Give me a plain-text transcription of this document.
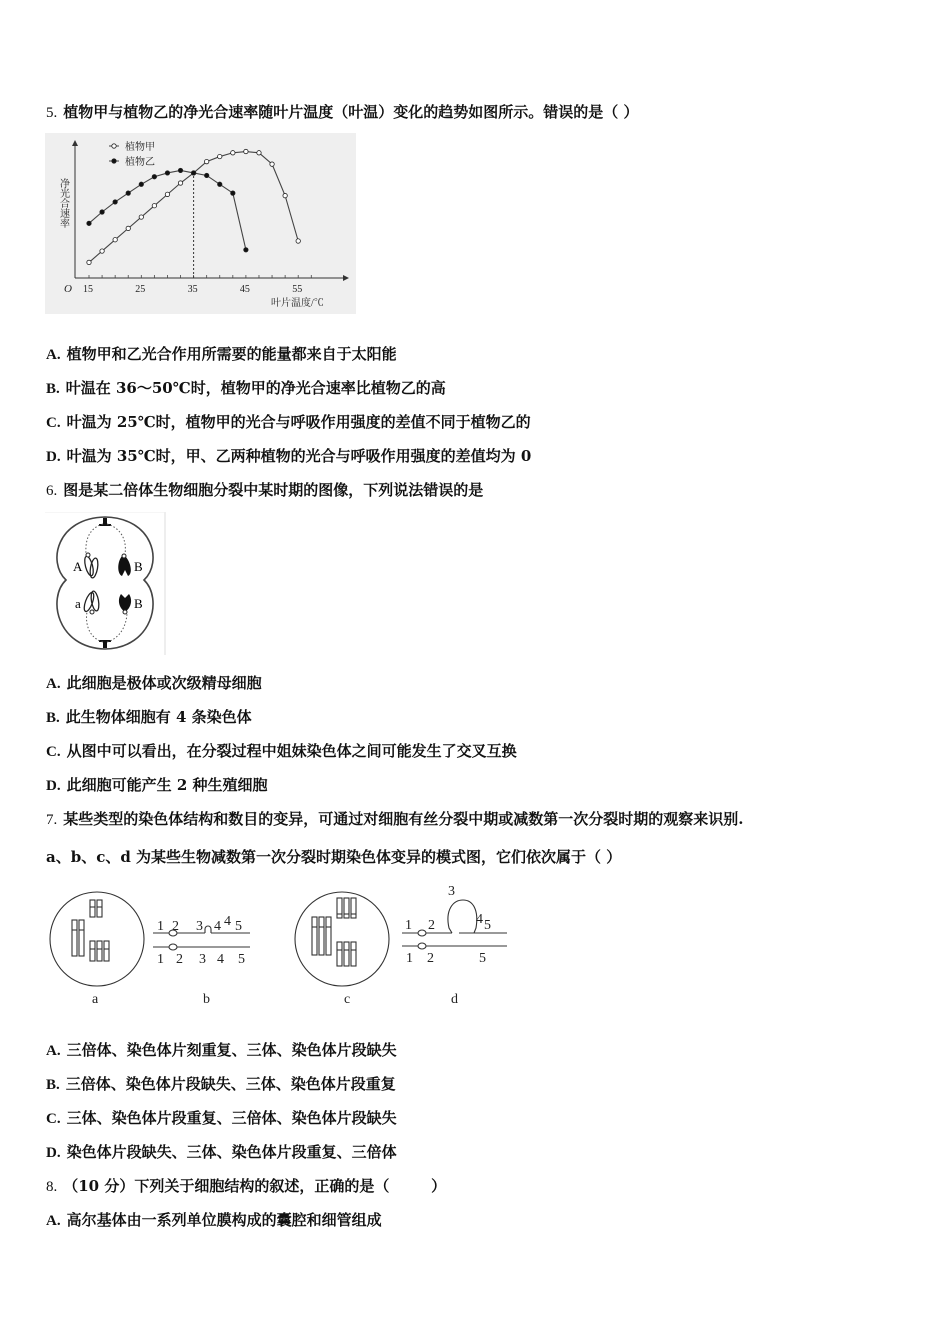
5. 植物甲与植物乙的净光合速率随叶片温度（叶温）变化的趋势如图所示。错误的是（ ）
15	25	35	45	55
O
叶片温度/℃
净光合速率
植物甲
植物乙
A. 植物甲和乙光合作用所需要的能量都来自于太阳能
B. 叶温在 36～50℃时，植物甲的净光合速率比植物乙的高
C. 叶温为 25℃时，植物甲的光合与呼吸作用强度的差值不同于植物乙的
D. 叶温为 35℃时，甲、乙两种植物的光合与呼吸作用强度的差值均为 0
6. 图是某二倍体生物细胞分裂中某时期的图像，下列说法错误的是
A	B
a	B
A. 此细胞是极体或次级精母细胞
B. 此生物体细胞有 4 条染色体
C. 从图中可以看出，在分裂过程中姐妹染色体之间可能发生了交叉互换
D. 此细胞可能产生 2 种生殖细胞
7. 某些类型的染色体结构和数目的变异，可通过对细胞有丝分裂中期或减数第一次分裂时期的观察来识别.
a、b、c、d 为某些生物减数第一次分裂时期染色体变异的模式图，它们依次属于（ ）
1 2 3 4 4 5
1 2 3 4 5
1 2
3
4 5
1 2	5
a	b	c	d
A. 三倍体、染色体片刻重复、三体、染色体片段缺失
B. 三倍体、染色体片段缺失、三体、染色体片段重复
C. 三体、染色体片段重复、三倍体、染色体片段缺失
D. 染色体片段缺失、三体、染色体片段重复、三倍体
8. （10 分）下列关于细胞结构的叙述，正确的是（        ）
A. 高尔基体由一系列单位膜构成的囊腔和细管组成
